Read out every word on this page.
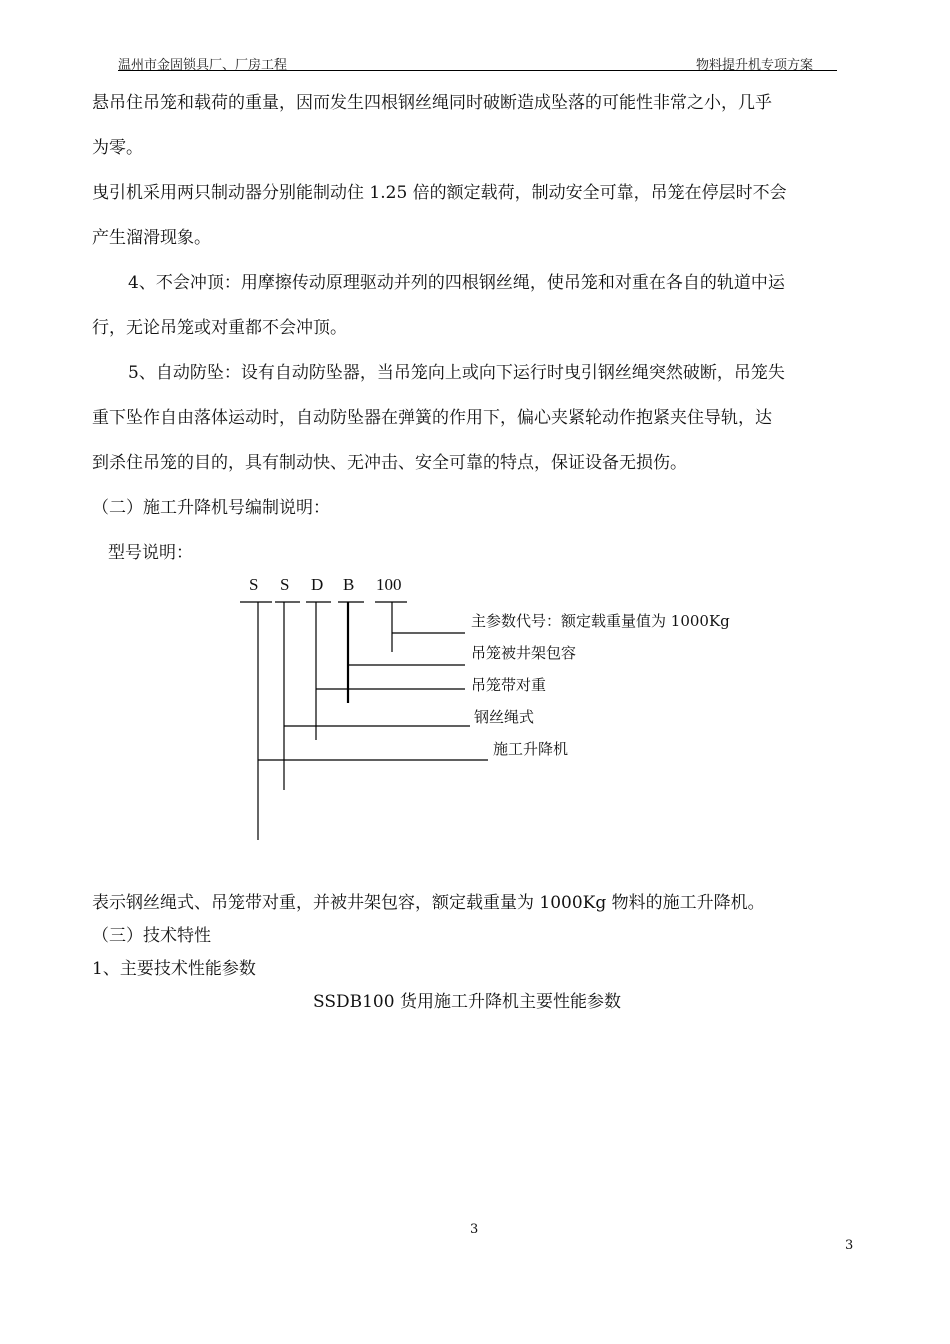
温州市金固锁具厂、厂房工程	物料提升机专项方案
悬吊住吊笼和载荷的重量，因而发生四根钢丝绳同时破断造成坠落的可能性非常之小，几乎
为零。
曳引机采用两只制动器分别能制动住 1.25 倍的额定载荷，制动安全可靠，吊笼在停层时不会
产生溜滑现象。
4、不会冲顶：用摩擦传动原理驱动并列的四根钢丝绳，使吊笼和对重在各自的轨道中运
行，无论吊笼或对重都不会冲顶。
5、自动防坠：设有自动防坠器，当吊笼向上或向下运行时曳引钢丝绳突然破断，吊笼失
重下坠作自由落体运动时，自动防坠器在弹簧的作用下，偏心夹紧轮动作抱紧夹住导轨，达
到杀住吊笼的目的，具有制动快、无冲击、安全可靠的特点，保证设备无损伤。
（二）施工升降机号编制说明：
型号说明：
S S D B 100
主参数代号：额定载重量值为 1000Kg
吊笼被井架包容
吊笼带对重
钢丝绳式
施工升降机
表示钢丝绳式、吊笼带对重，并被井架包容，额定载重量为 1000Kg 物料的施工升降机。
（三）技术特性
1、主要技术性能参数
SSDB100 货用施工升降机主要性能参数
3
3
